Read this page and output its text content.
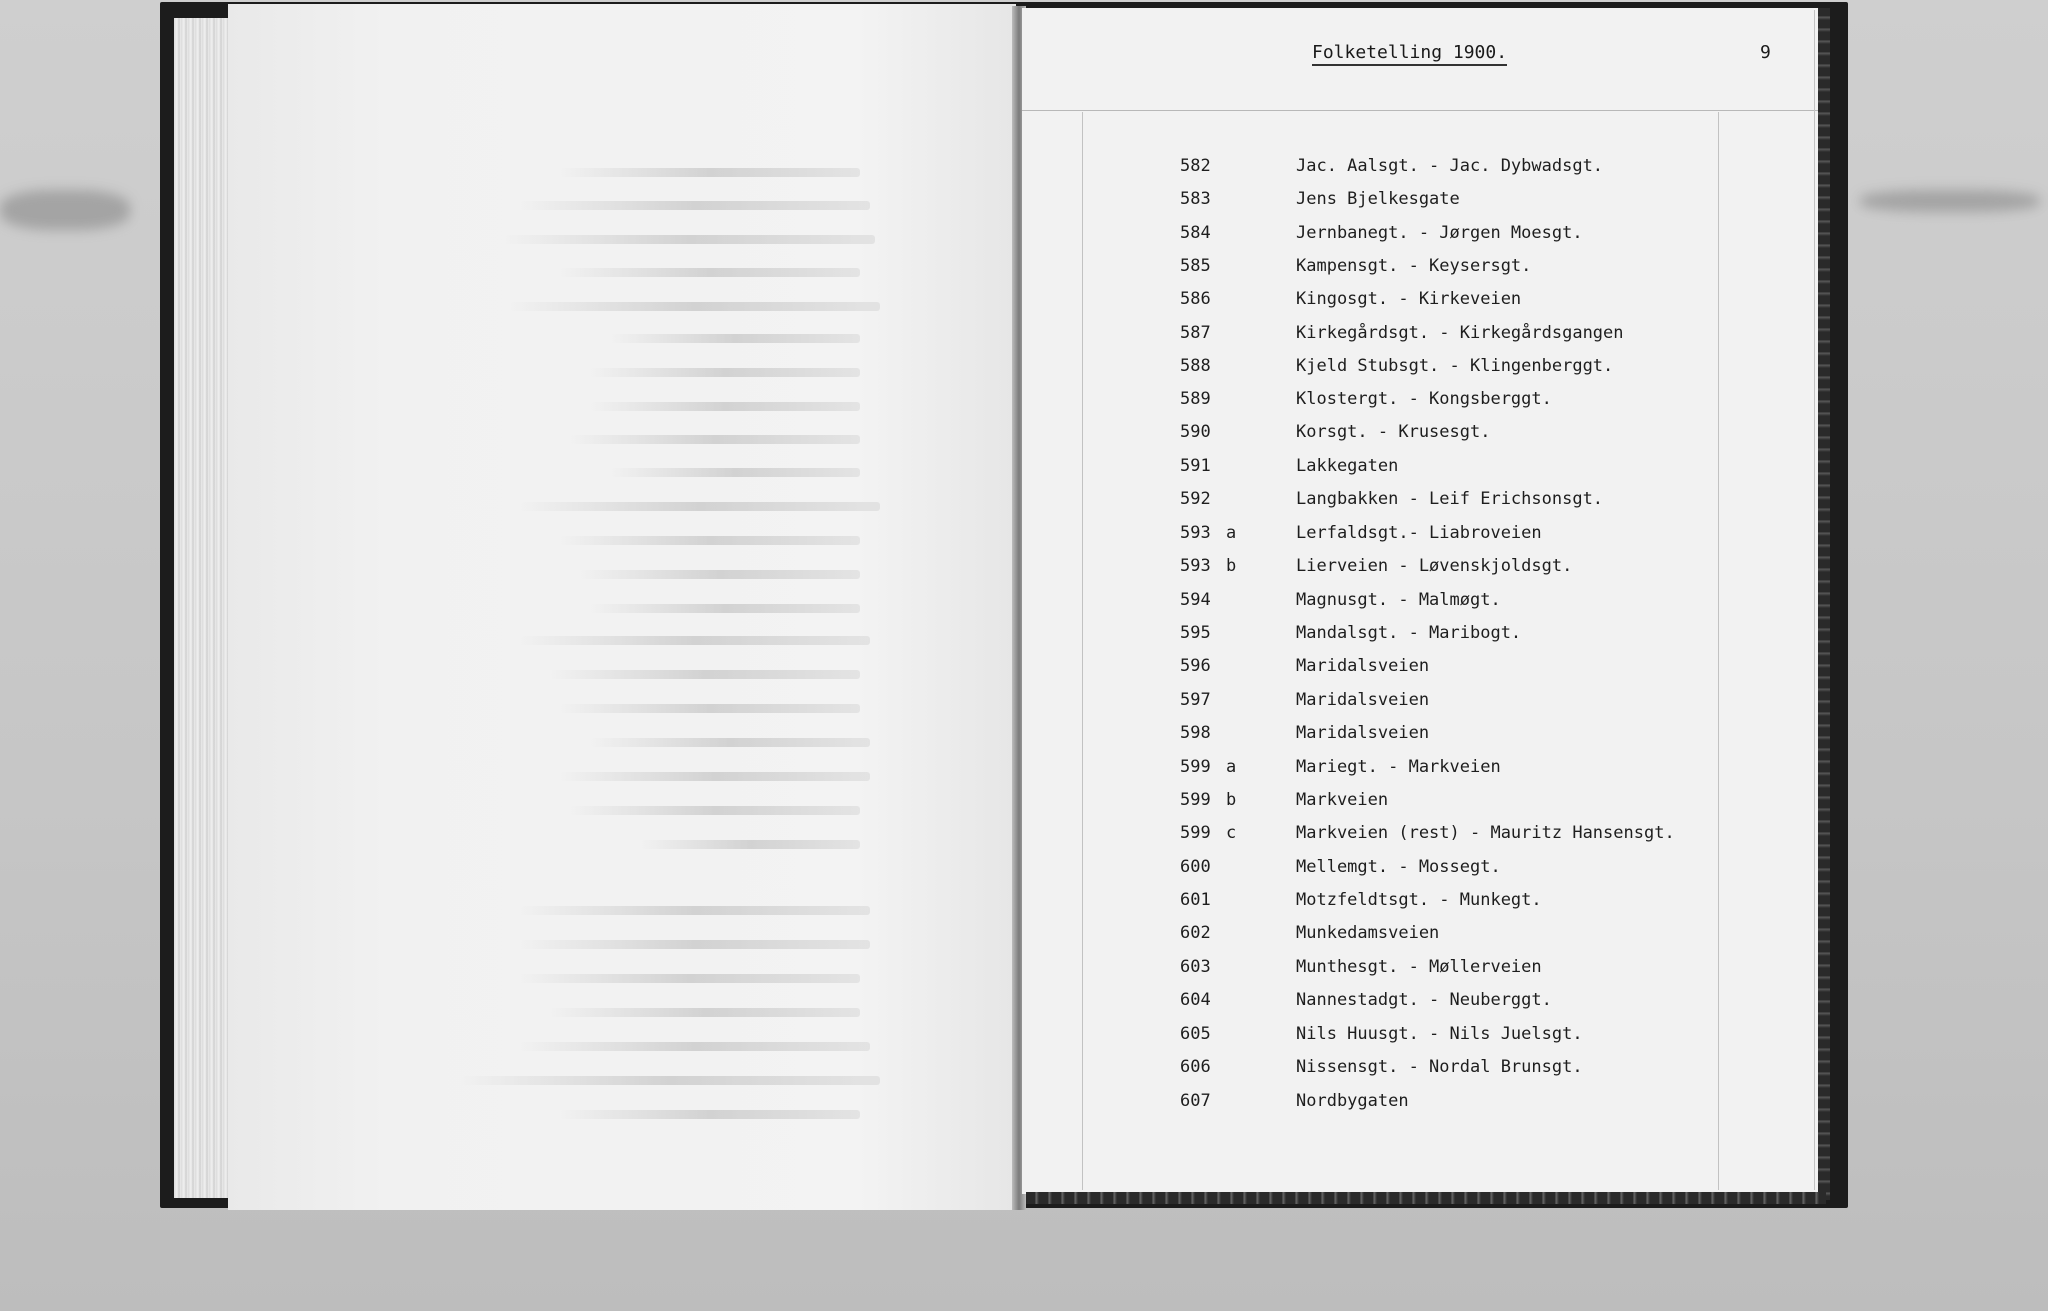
Folketelling 1900.	9
582	Jac. Aalsgt. - Jac. Dybwadsgt.
583	Jens Bjelkesgate
584	Jernbanegt. - Jørgen Moesgt.
585	Kampensgt. - Keysersgt.
586	Kingosgt. - Kirkeveien
587	Kirkegårdsgt. - Kirkegårdsgangen
588	Kjeld Stubsgt. - Klingenberggt.
589	Klostergt. - Kongsberggt.
590	Korsgt. - Krusesgt.
591	Lakkegaten
592	Langbakken - Leif Erichsonsgt.
593 a	Lerfaldsgt.- Liabroveien
593 b	Lierveien - Løvenskjoldsgt.
594	Magnusgt. - Malmøgt.
595	Mandalsgt. - Maribogt.
596	Maridalsveien
597	Maridalsveien
598	Maridalsveien
599 a	Mariegt. - Markveien
599 b	Markveien
599 c	Markveien (rest) - Mauritz Hansensgt.
600	Mellemgt. - Mossegt.
601	Motzfeldtsgt. - Munkegt.
602	Munkedamsveien
603	Munthesgt. - Møllerveien
604	Nannestadgt. - Neuberggt.
605	Nils Huusgt. - Nils Juelsgt.
606	Nissensgt. - Nordal Brunsgt.
607	Nordbygaten
